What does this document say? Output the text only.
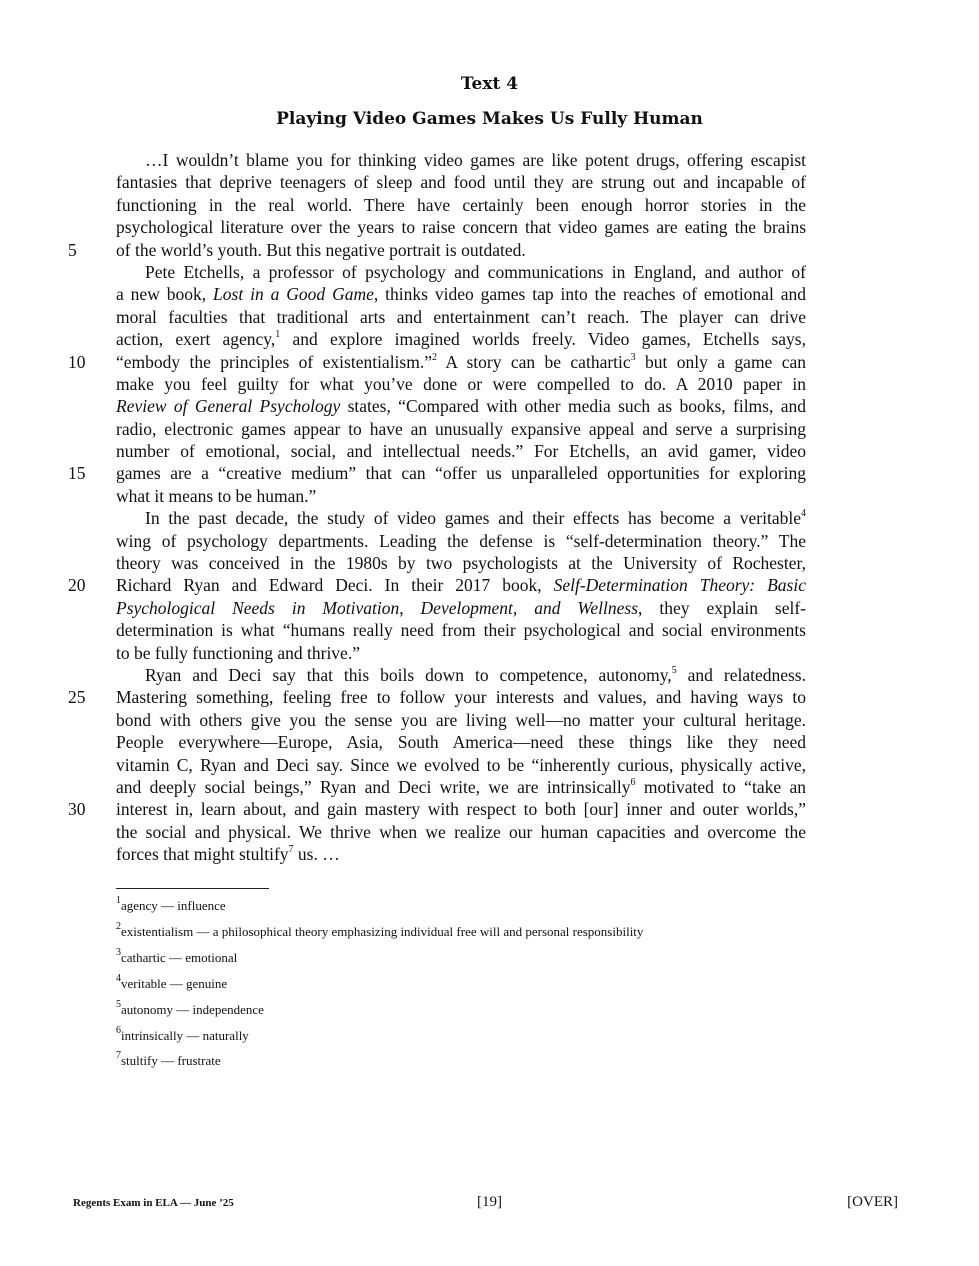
Text 4
Playing Video Games Makes Us Fully Human
…I wouldn’t blame you for thinking video games are like potent drugs, offering escapist
fantasies that deprive teenagers of sleep and food until they are strung out and incapable of
functioning in the real world. There have certainly been enough horror stories in the
psychological literature over the years to raise concern that video games are eating the brains
of the world’s youth. But this negative portrait is outdated.
5
Pete Etchells, a professor of psychology and communications in England, and author of
a new book, Lost in a Good Game, thinks video games tap into the reaches of emotional and
moral faculties that traditional arts and entertainment can’t reach. The player can drive
action, exert agency,$^1$ and explore imagined worlds freely. Video games, Etchells says,
“embody the principles of existentialism.”$^2$ A story can be cathartic$^3$ but only a game can
10
make you feel guilty for what you’ve done or were compelled to do. A 2010 paper in
Review of General Psychology states, “Compared with other media such as books, films, and
radio, electronic games appear to have an unusually expansive appeal and serve a surprising
number of emotional, social, and intellectual needs.” For Etchells, an avid gamer, video
games are a “creative medium” that can “offer us unparalleled opportunities for exploring
15
what it means to be human.”
In the past decade, the study of video games and their effects has become a veritable$^4$
wing of psychology departments. Leading the defense is “self-determination theory.” The
theory was conceived in the 1980s by two psychologists at the University of Rochester,
Richard Ryan and Edward Deci. In their 2017 book, Self-Determination Theory: Basic
20
Psychological Needs in Motivation, Development, and Wellness, they explain self-
determination is what “humans really need from their psychological and social environments
to be fully functioning and thrive.”
Ryan and Deci say that this boils down to competence, autonomy,$^5$ and relatedness.
Mastering something, feeling free to follow your interests and values, and having ways to
25
bond with others give you the sense you are living well—no matter your cultural heritage.
People everywhere—Europe, Asia, South America—need these things like they need
vitamin C, Ryan and Deci say. Since we evolved to be “inherently curious, physically active,
and deeply social beings,” Ryan and Deci write, we are intrinsically$^6$ motivated to “take an
interest in, learn about, and gain mastery with respect to both [our] inner and outer worlds,”
30
the social and physical. We thrive when we realize our human capacities and overcome the
forces that might stultify$^7$ us. …
$^1$agency — influence
$^2$existentialism — a philosophical theory emphasizing individual free will and personal responsibility
$^3$cathartic — emotional
$^4$veritable — genuine
$^5$autonomy — independence
$^6$intrinsically — naturally
$^7$stultify — frustrate
Regents Exam in ELA — June ’25	[19]	[OVER]
